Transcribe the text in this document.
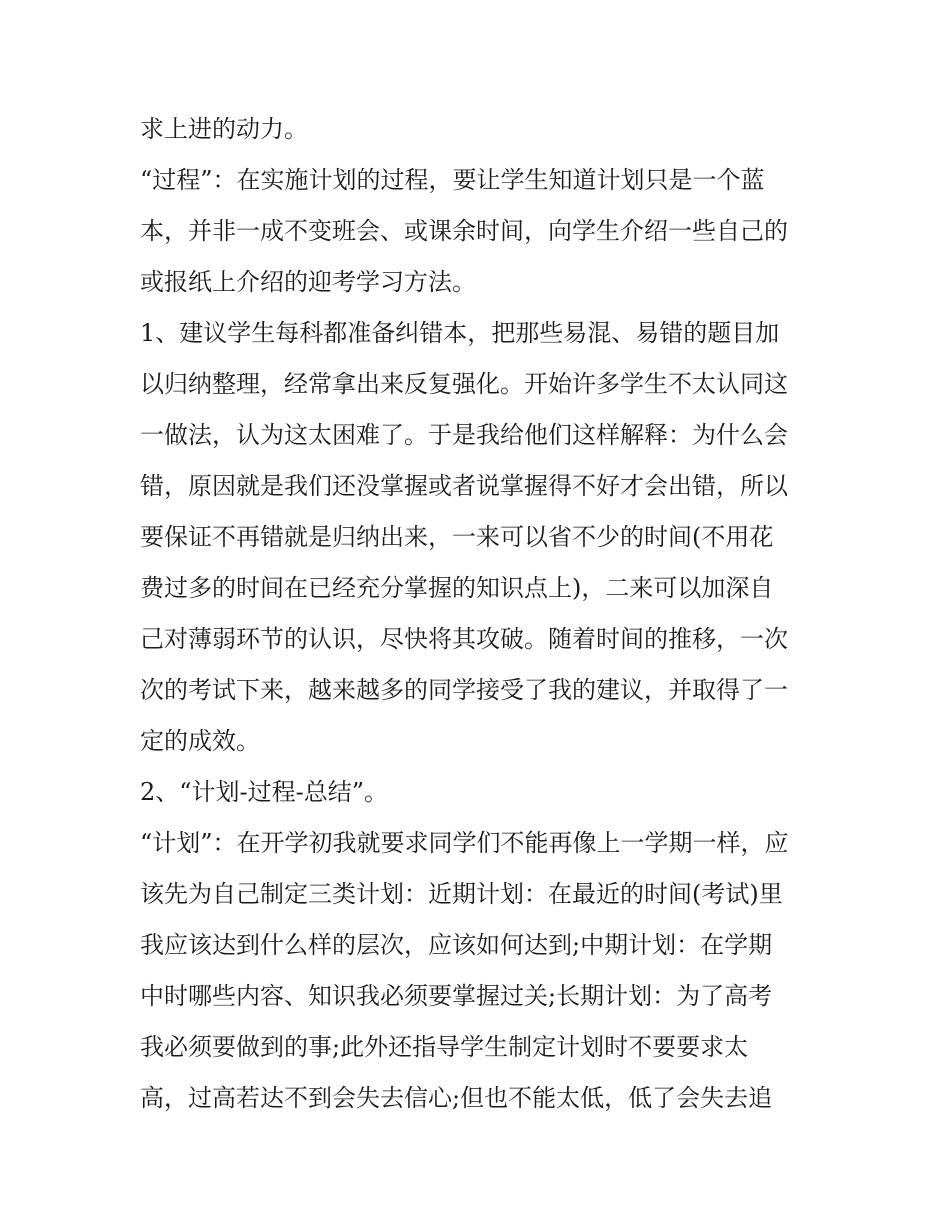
求上进的动力。
“过程”：在实施计划的过程，要让学生知道计划只是一个蓝
本，并非一成不变班会、或课余时间，向学生介绍一些自己的
或报纸上介绍的迎考学习方法。
1、建议学生每科都准备纠错本，把那些易混、易错的题目加
以归纳整理，经常拿出来反复强化。开始许多学生不太认同这
一做法，认为这太困难了。于是我给他们这样解释：为什么会
错，原因就是我们还没掌握或者说掌握得不好才会出错，所以
要保证不再错就是归纳出来，一来可以省不少的时间(不用花
费过多的时间在已经充分掌握的知识点上)，二来可以加深自
己对薄弱环节的认识，尽快将其攻破。随着时间的推移，一次
次的考试下来，越来越多的同学接受了我的建议，并取得了一
定的成效。
2、“计划-过程-总结”。
“计划”：在开学初我就要求同学们不能再像上一学期一样，应
该先为自己制定三类计划：近期计划：在最近的时间(考试)里
我应该达到什么样的层次，应该如何达到;中期计划：在学期
中时哪些内容、知识我必须要掌握过关;长期计划：为了高考
我必须要做到的事;此外还指导学生制定计划时不要要求太
高，过高若达不到会失去信心;但也不能太低，低了会失去追
